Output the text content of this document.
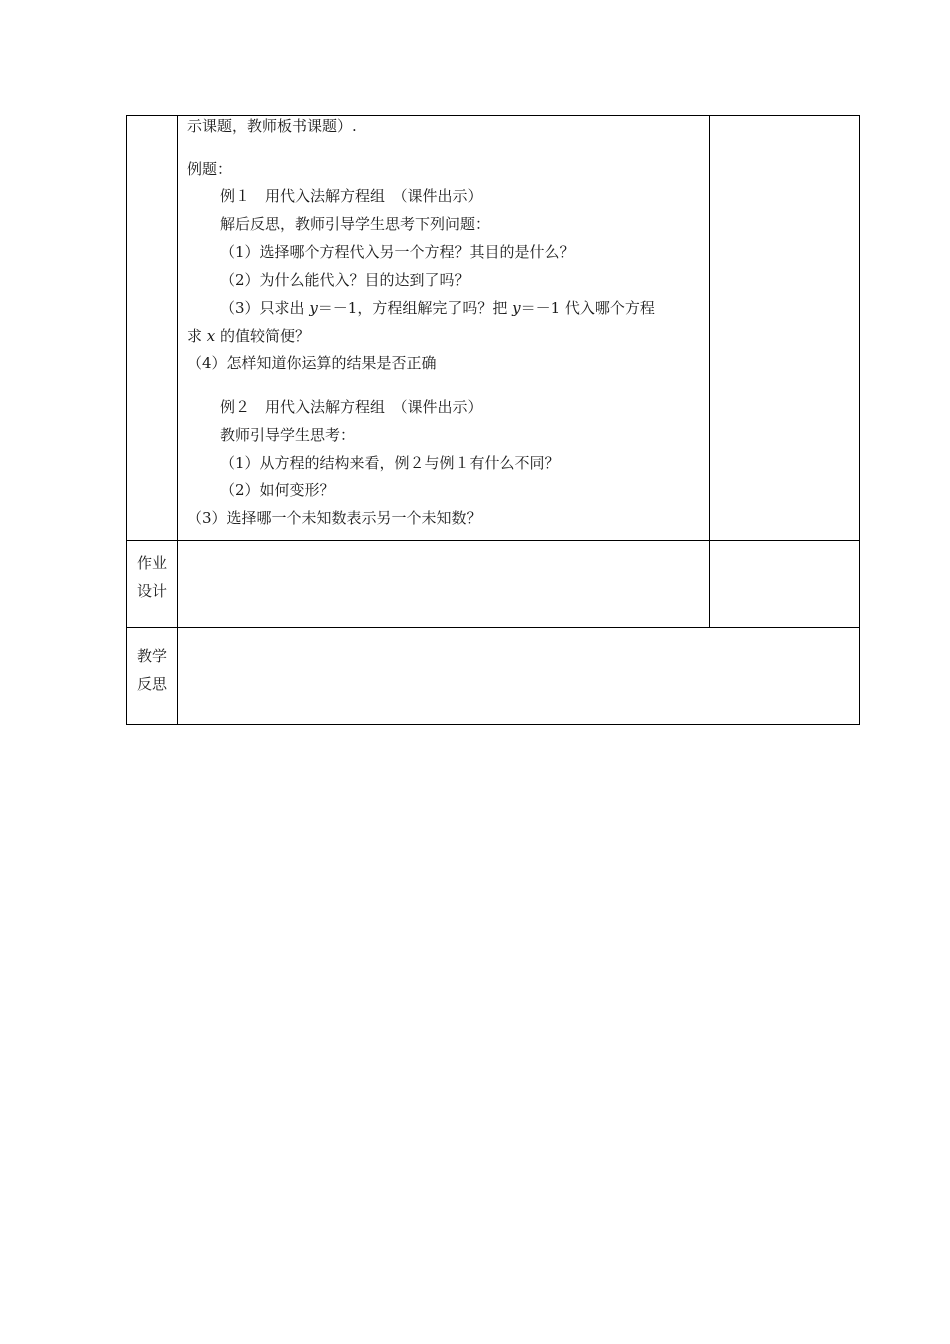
示课题，教师板书课题）.
例题：
例１　用代入法解方程组　（课件出示）
解后反思，教师引导学生思考下列问题：
（1）选择哪个方程代入另一个方程？其目的是什么？
（2）为什么能代入？目的达到了吗？
（3）只求出 y＝－1，方程组解完了吗？把 y＝－1 代入哪个方程
求 x 的值较简便？
（4）怎样知道你运算的结果是否正确
例２　用代入法解方程组　（课件出示）
教师引导学生思考：
（1）从方程的结构来看，例２与例１有什么不同？
（2）如何变形？
（3）选择哪一个未知数表示另一个未知数？
作业
设计
教学
反思
